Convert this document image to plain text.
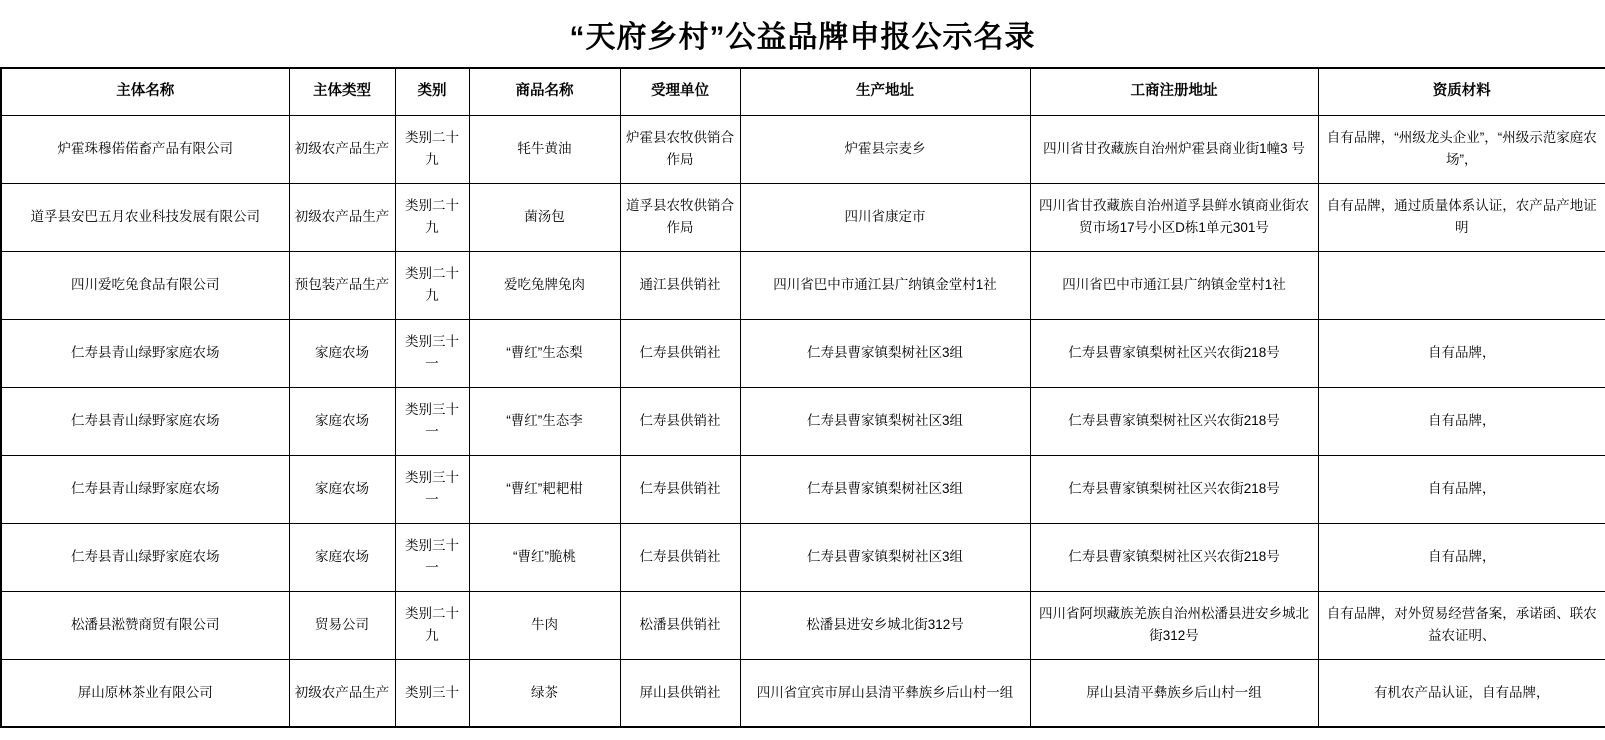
“天府乡村”公益品牌申报公示名录
主体名称	主体类型	类别	商品名称	受理单位	生产地址	工商注册地址	资质材料
炉霍珠穆偌偌畜产品有限公司	初级农产品生产	类别二十九	牦牛黄油	炉霍县农牧供销合作局	炉霍县宗麦乡	四川省甘孜藏族自治州炉霍县商业街1幢3 号	自有品牌，“州级龙头企业”，“州级示范家庭农场”，
道孚县安巴五月农业科技发展有限公司	初级农产品生产	类别二十九	菌汤包	道孚县农牧供销合作局	四川省康定市	四川省甘孜藏族自治州道孚县鲜水镇商业街农贸市场17号小区D栋1单元301号	自有品牌，通过质量体系认证，农产品产地证明
四川爱吃兔食品有限公司	预包装产品生产	类别二十九	爱吃兔牌兔肉	通江县供销社	四川省巴中市通江县广纳镇金堂村1社	四川省巴中市通江县广纳镇金堂村1社	
仁寿县青山绿野家庭农场	家庭农场	类别三十一	“曹红”生态梨	仁寿县供销社	仁寿县曹家镇梨树社区3组	仁寿县曹家镇梨树社区兴农街218号	自有品牌，
仁寿县青山绿野家庭农场	家庭农场	类别三十一	“曹红”生态李	仁寿县供销社	仁寿县曹家镇梨树社区3组	仁寿县曹家镇梨树社区兴农街218号	自有品牌，
仁寿县青山绿野家庭农场	家庭农场	类别三十一	“曹红”耙耙柑	仁寿县供销社	仁寿县曹家镇梨树社区3组	仁寿县曹家镇梨树社区兴农街218号	自有品牌，
仁寿县青山绿野家庭农场	家庭农场	类别三十一	“曹红”脆桃	仁寿县供销社	仁寿县曹家镇梨树社区3组	仁寿县曹家镇梨树社区兴农街218号	自有品牌，
松潘县淞赞商贸有限公司	贸易公司	类别二十九	牛肉	松潘县供销社	松潘县进安乡城北街312号	四川省阿坝藏族羌族自治州松潘县进安乡城北街312号	自有品牌，对外贸易经营备案，承诺函、联农益农证明、
屏山原林茶业有限公司	初级农产品生产	类别三十	绿茶	屏山县供销社	四川省宜宾市屏山县清平彝族乡后山村一组	屏山县清平彝族乡后山村一组	有机农产品认证，自有品牌，
